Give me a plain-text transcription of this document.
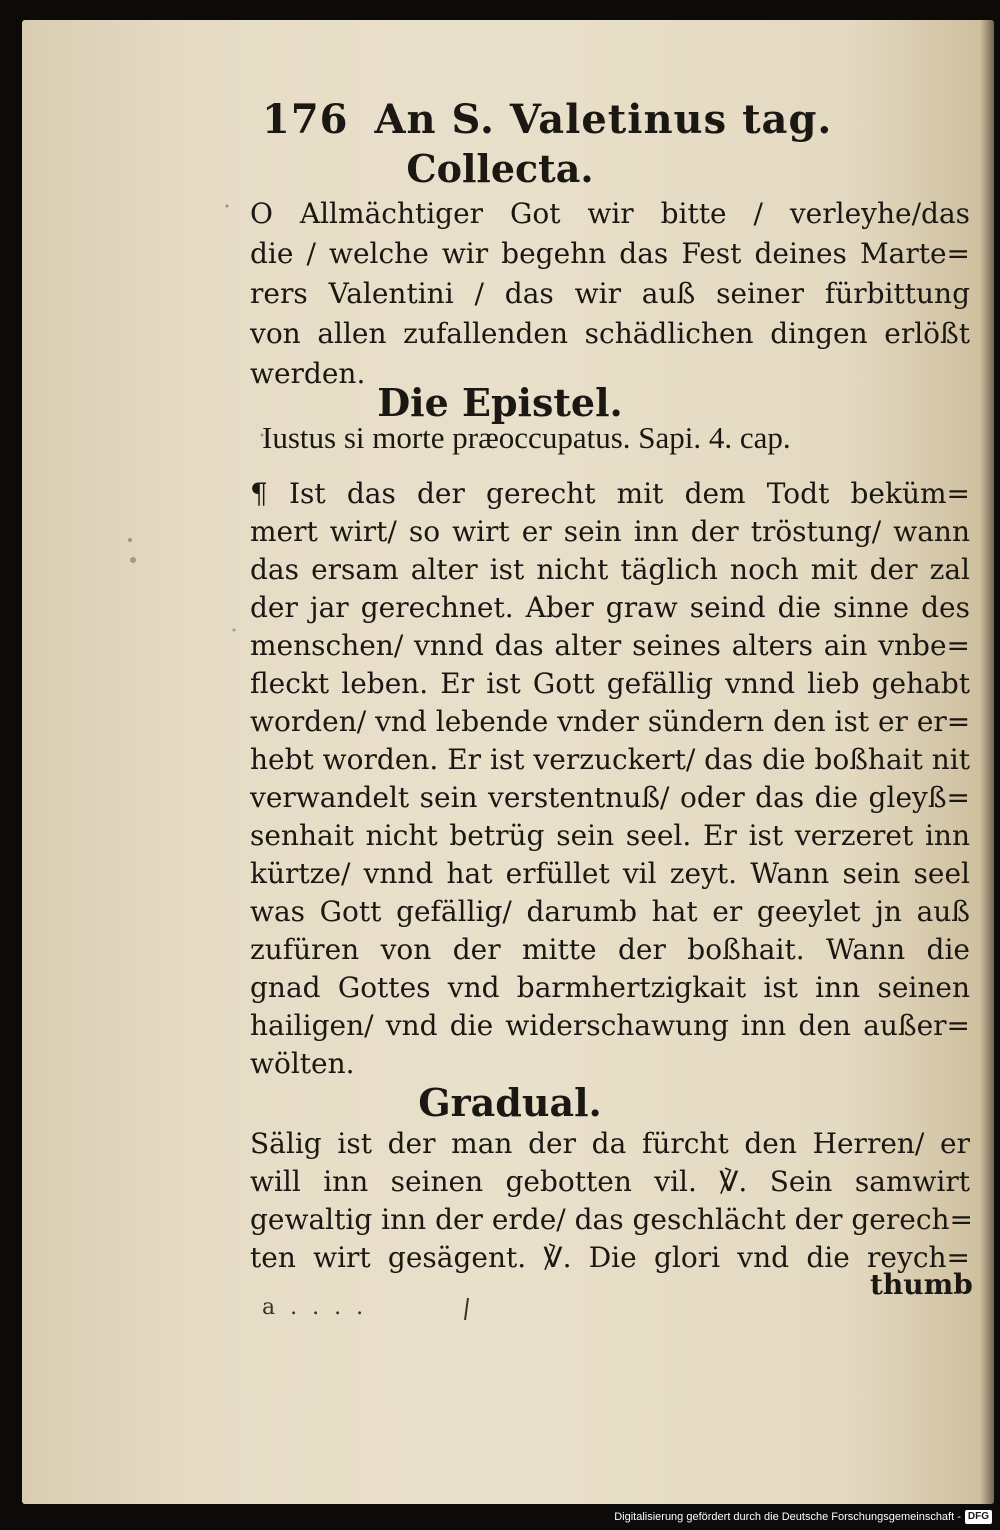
176 An S. Valetinus tag.
Collecta.
O Allmächtiger Got wir bitte / verleyhe/das
die / welche wir begehn das Fest deines Marte=
rers Valentini / das wir auß seiner fürbittung
von allen zufallenden schädlichen dingen erlößt
werden.
Die Epistel.
Iustus si morte præoccupatus. Sapi. 4. cap.
¶ Ist das der gerecht mit dem Todt beküm=
mert wirt/ so wirt er sein inn der tröstung/ wann
das ersam alter ist nicht täglich noch mit der zal
der jar gerechnet. Aber graw seind die sinne des
menschen/ vnnd das alter seines alters ain vnbe=
fleckt leben. Er ist Gott gefällig vnnd lieb gehabt
worden/ vnd lebende vnder sündern den ist er er=
hebt worden. Er ist verzuckert/ das die boßhait nit
verwandelt sein verstentnuß/ oder das die gleyß=
senhait nicht betrüg sein seel. Er ist verzeret inn
kürtze/ vnnd hat erfüllet vil zeyt. Wann sein seel
was Gott gefällig/ darumb hat er geeylet jn auß
zufüren von der mitte der boßhait. Wann die
gnad Gottes vnd barmhertzigkait ist inn seinen
hailigen/ vnd die widerschawung inn den außer=
wölten.
Gradual.
Sälig ist der man der da fürcht den Herren/ er
will inn seinen gebotten vil. ℣. Sein samwirt
gewaltig inn der erde/ das geschlächt der gerech=
ten wirt gesägent. ℣. Die glori vnd die reych=
thumb
a . . . .
Digitalisierung gefördert durch die Deutsche Forschungsgemeinschaft - DFG
